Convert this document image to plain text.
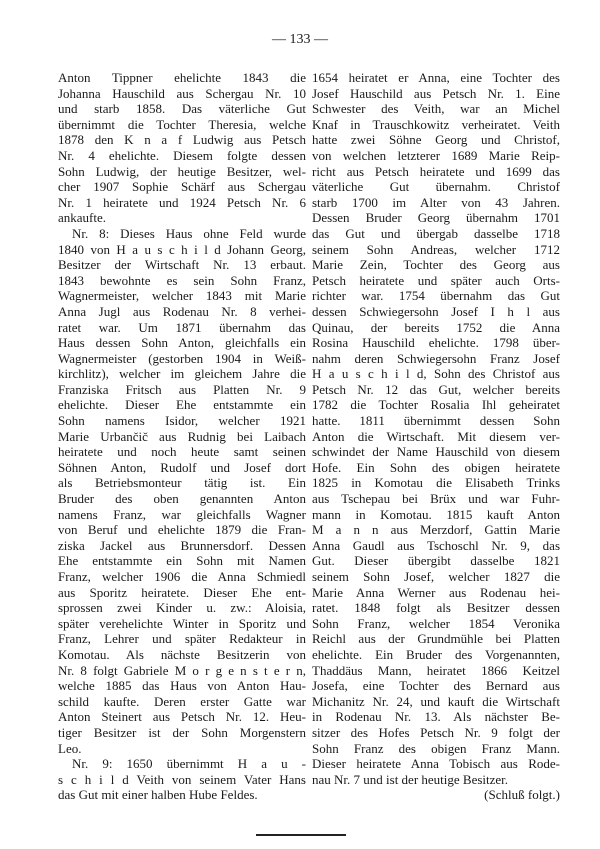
— 133 —
Anton Tippner ehelichte 1843 die
Johanna Hauschild aus Schergau Nr. 10
und starb 1858. Das väterliche Gut
übernimmt die Tochter Theresia, welche
1878 den K n a f Ludwig aus Petsch
Nr. 4 ehelichte. Diesem folgte dessen
Sohn Ludwig, der heutige Besitzer, wel-
cher 1907 Sophie Schärf aus Schergau
Nr. 1 heiratete und 1924 Petsch Nr. 6
ankaufte.
Nr. 8: Dieses Haus ohne Feld wurde
1840 von H a u s c h i l d Johann Georg,
Besitzer der Wirtschaft Nr. 13 erbaut.
1843 bewohnte es sein Sohn Franz,
Wagnermeister, welcher 1843 mit Marie
Anna Jugl aus Rodenau Nr. 8 verhei-
ratet war. Um 1871 übernahm das
Haus dessen Sohn Anton, gleichfalls ein
Wagnermeister (gestorben 1904 in Weiß-
kirchlitz), welcher im gleichem Jahre die
Franziska Fritsch aus Platten Nr. 9
ehelichte. Dieser Ehe entstammte ein
Sohn namens Isidor, welcher 1921
Marie Urbančič aus Rudnig bei Laibach
heiratete und noch heute samt seinen
Söhnen Anton, Rudolf und Josef dort
als Betriebsmonteur tätig ist. Ein
Bruder des oben genannten Anton
namens Franz, war gleichfalls Wagner
von Beruf und ehelichte 1879 die Fran-
ziska Jackel aus Brunnersdorf. Dessen
Ehe entstammte ein Sohn mit Namen
Franz, welcher 1906 die Anna Schmiedl
aus Sporitz heiratete. Dieser Ehe ent-
sprossen zwei Kinder u. zw.: Aloisia,
später verehelichte Winter in Sporitz und
Franz, Lehrer und später Redakteur in
Komotau. Als nächste Besitzerin von
Nr. 8 folgt Gabriele M o r g e n s t e r n,
welche 1885 das Haus von Anton Hau-
schild kaufte. Deren erster Gatte war
Anton Steinert aus Petsch Nr. 12. Heu-
tiger Besitzer ist der Sohn Morgenstern
Leo.
Nr. 9: 1650 übernimmt H a u -
s c h i l d Veith von seinem Vater Hans
das Gut mit einer halben Hube Feldes.
1654 heiratet er Anna, eine Tochter des
Josef Hauschild aus Petsch Nr. 1. Eine
Schwester des Veith, war an Michel
Knaf in Trauschkowitz verheiratet. Veith
hatte zwei Söhne Georg und Christof,
von welchen letzterer 1689 Marie Reip-
richt aus Petsch heiratete und 1699 das
väterliche Gut übernahm. Christof
starb 1700 im Alter von 43 Jahren.
Dessen Bruder Georg übernahm 1701
das Gut und übergab dasselbe 1718
seinem Sohn Andreas, welcher 1712
Marie Zein, Tochter des Georg aus
Petsch heiratete und später auch Orts-
richter war. 1754 übernahm das Gut
dessen Schwiegersohn Josef I h l aus
Quinau, der bereits 1752 die Anna
Rosina Hauschild ehelichte. 1798 über-
nahm deren Schwiegersohn Franz Josef
H a u s c h i l d, Sohn des Christof aus
Petsch Nr. 12 das Gut, welcher bereits
1782 die Tochter Rosalia Ihl geheiratet
hatte. 1811 übernimmt dessen Sohn
Anton die Wirtschaft. Mit diesem ver-
schwindet der Name Hauschild von diesem
Hofe. Ein Sohn des obigen heiratete
1825 in Komotau die Elisabeth Trinks
aus Tschepau bei Brüx und war Fuhr-
mann in Komotau. 1815 kauft Anton
M a n n aus Merzdorf, Gattin Marie
Anna Gaudl aus Tschoschl Nr. 9, das
Gut. Dieser übergibt dasselbe 1821
seinem Sohn Josef, welcher 1827 die
Marie Anna Werner aus Rodenau hei-
ratet. 1848 folgt als Besitzer dessen
Sohn Franz, welcher 1854 Veronika
Reichl aus der Grundmühle bei Platten
ehelichte. Ein Bruder des Vorgenannten,
Thaddäus Mann, heiratet 1866 Keitzel
Josefa, eine Tochter des Bernard aus
Michanitz Nr. 24, und kauft die Wirtschaft
in Rodenau Nr. 13. Als nächster Be-
sitzer des Hofes Petsch Nr. 9 folgt der
Sohn Franz des obigen Franz Mann.
Dieser heiratete Anna Tobisch aus Rode-
nau Nr. 7 und ist der heutige Besitzer.
(Schluß folgt.)
